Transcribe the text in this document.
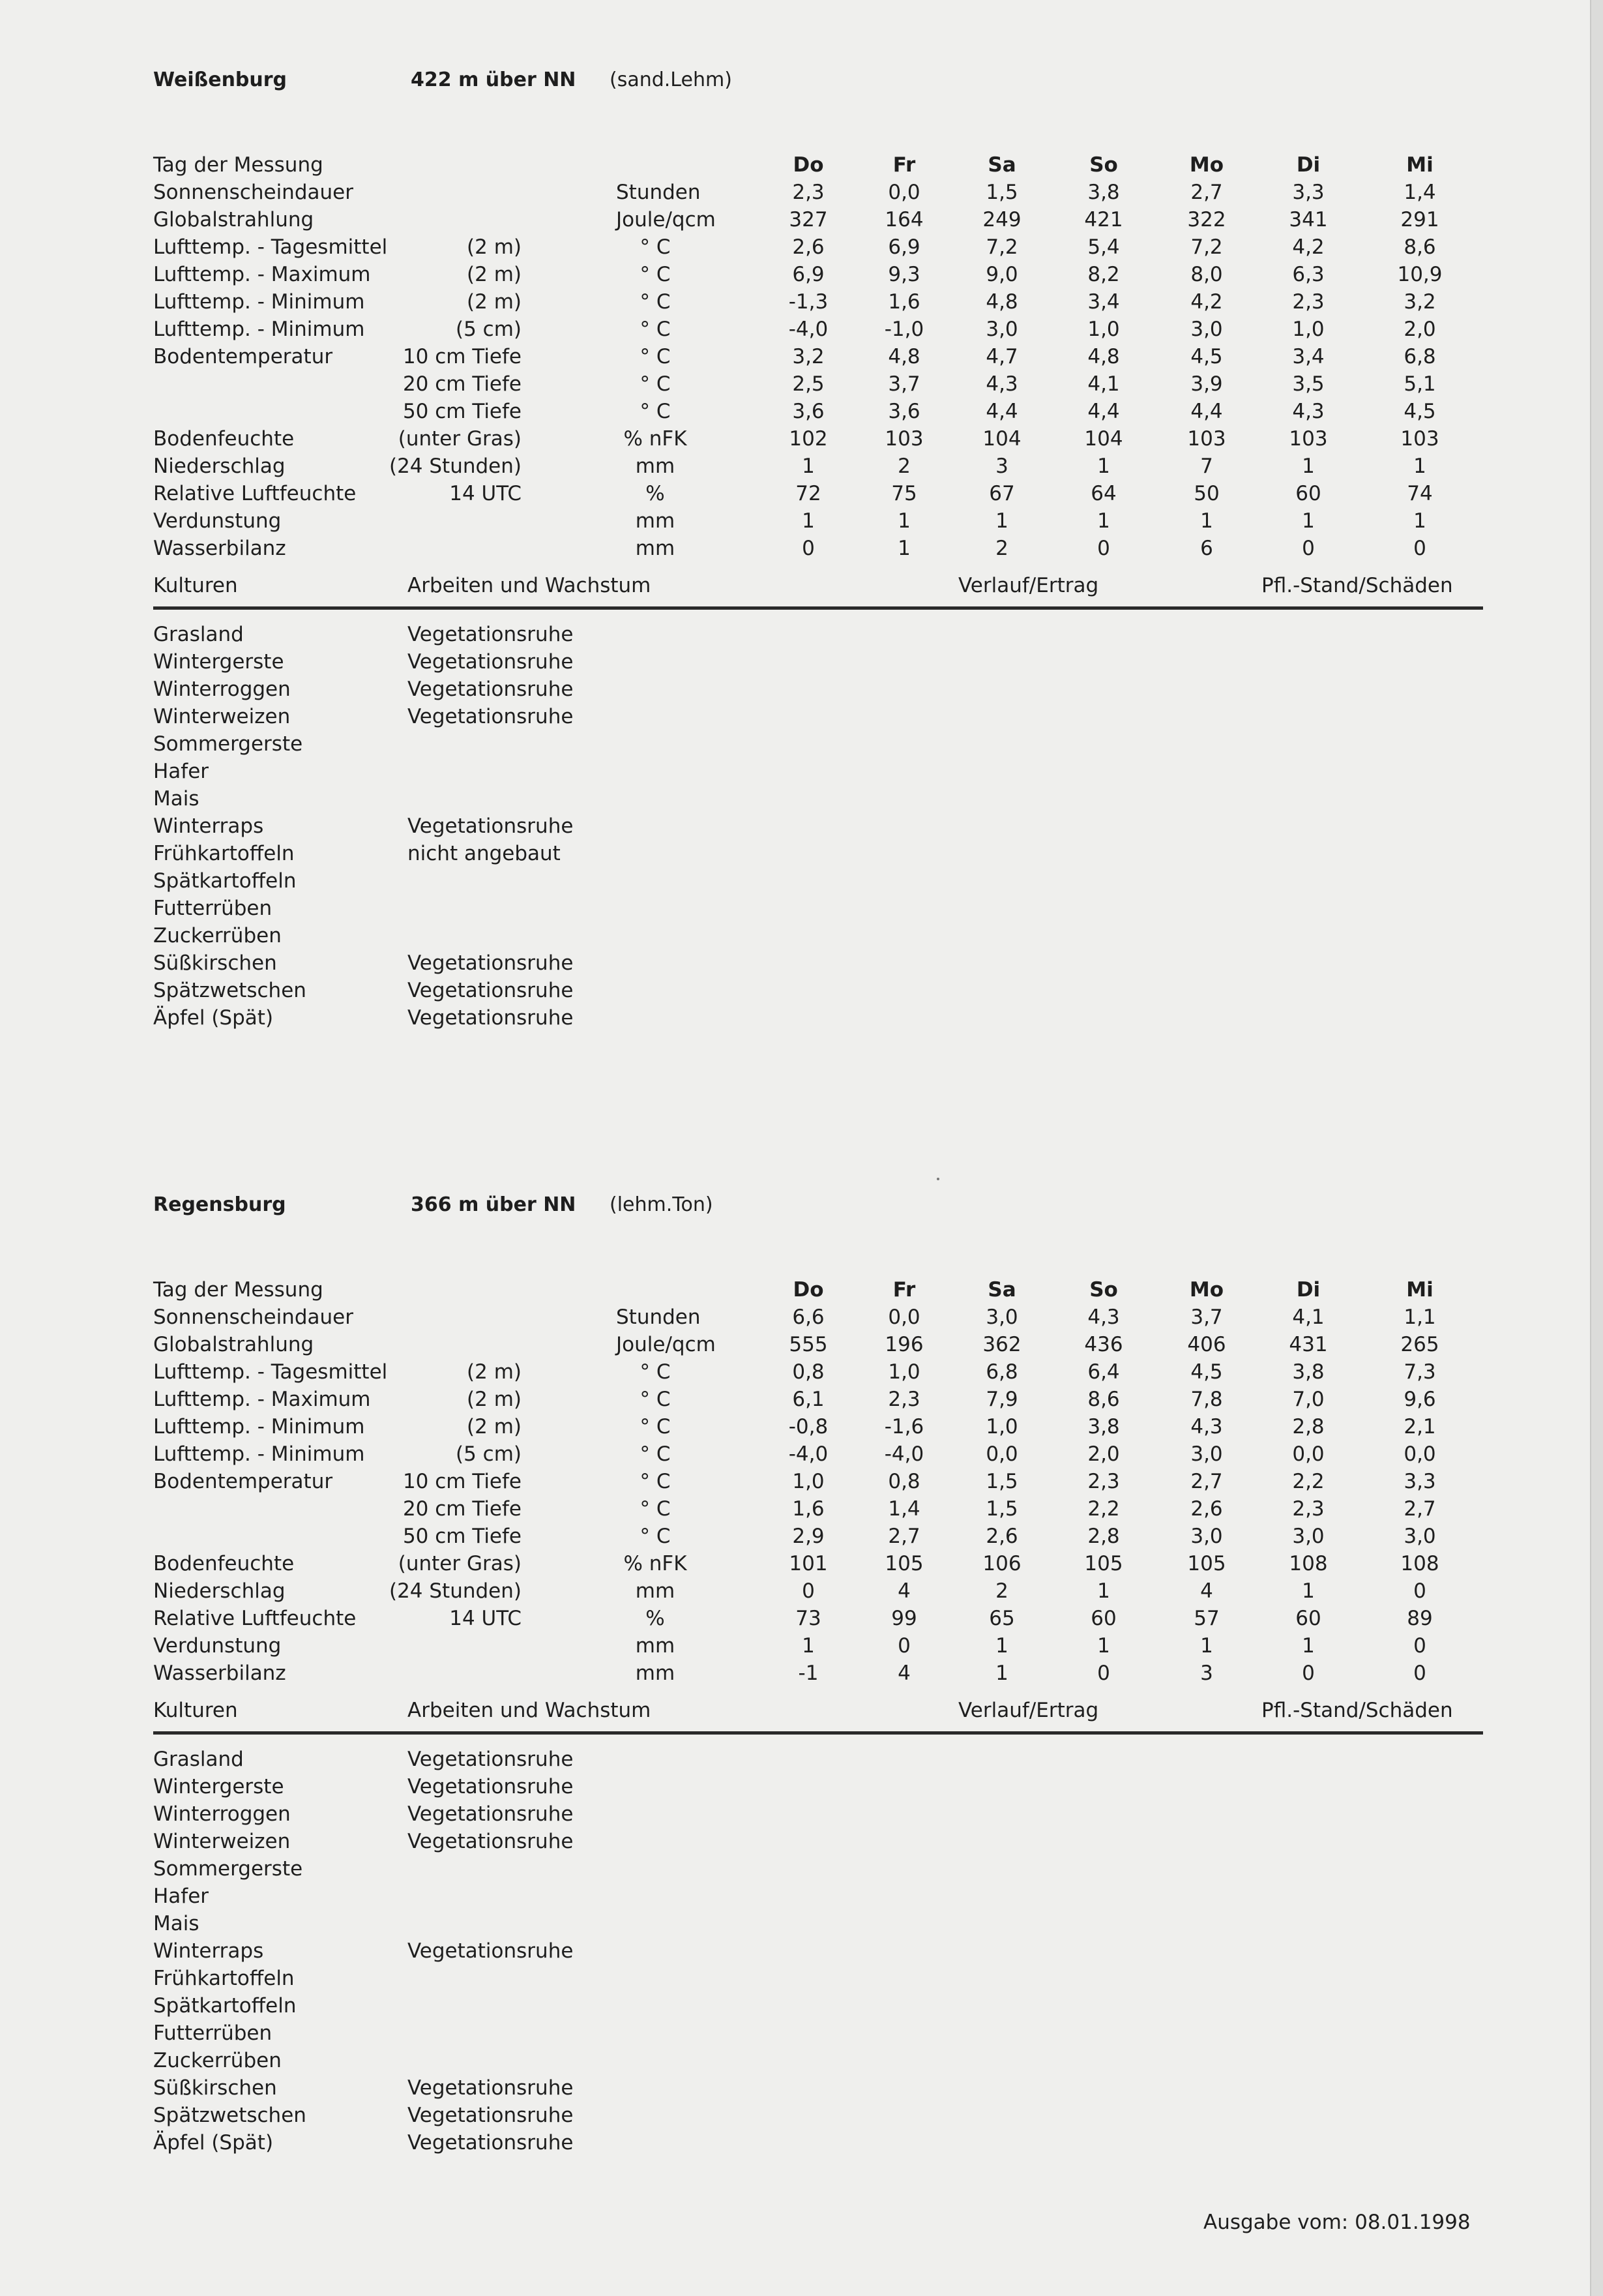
Weißenburg	422 m über NN (sand.Lehm)
Tag der Messung	Do	Fr	Sa	So	Mo	Di	Mi
Sonnenscheindauer	Stunden	2,3	0,0	1,5	3,8	2,7	3,3	1,4
Globalstrahlung	Joule/qcm	327	164	249	421	322	341	291
Lufttemp. - Tagesmittel	(2 m)	° C	2,6	6,9	7,2	5,4	7,2	4,2	8,6
Lufttemp. - Maximum	(2 m)	° C	6,9	9,3	9,0	8,2	8,0	6,3	10,9
Lufttemp. - Minimum	(2 m)	° C	-1,3	1,6	4,8	3,4	4,2	2,3	3,2
Lufttemp. - Minimum	(5 cm)	° C	-4,0	-1,0	3,0	1,0	3,0	1,0	2,0
Bodentemperatur	10 cm Tiefe	° C	3,2	4,8	4,7	4,8	4,5	3,4	6,8
20 cm Tiefe	° C	2,5	3,7	4,3	4,1	3,9	3,5	5,1
50 cm Tiefe	° C	3,6	3,6	4,4	4,4	4,4	4,3	4,5
Bodenfeuchte	(unter Gras)	% nFK	102	103	104	104	103	103	103
Niederschlag	(24 Stunden)	mm	1	2	3	1	7	1	1
Relative Luftfeuchte	14 UTC	%	72	75	67	64	50	60	74
Verdunstung	mm	1	1	1	1	1	1	1
Wasserbilanz	mm	0	1	2	0	6	0	0
Kulturen	Arbeiten und Wachstum	Verlauf/Ertrag	Pfl.-Stand/Schäden
Grasland	Vegetationsruhe
Wintergerste	Vegetationsruhe
Winterroggen	Vegetationsruhe
Winterweizen	Vegetationsruhe
Sommergerste
Hafer
Mais
Winterraps	Vegetationsruhe
Frühkartoffeln	nicht angebaut
Spätkartoffeln
Futterrüben
Zuckerrüben
Süßkirschen	Vegetationsruhe
Spätzwetschen	Vegetationsruhe
Äpfel (Spät)	Vegetationsruhe
Regensburg	366 m über NN (lehm.Ton)
Tag der Messung	Do	Fr	Sa	So	Mo	Di	Mi
Sonnenscheindauer	Stunden	6,6	0,0	3,0	4,3	3,7	4,1	1,1
Globalstrahlung	Joule/qcm	555	196	362	436	406	431	265
Lufttemp. - Tagesmittel	(2 m)	° C	0,8	1,0	6,8	6,4	4,5	3,8	7,3
Lufttemp. - Maximum	(2 m)	° C	6,1	2,3	7,9	8,6	7,8	7,0	9,6
Lufttemp. - Minimum	(2 m)	° C	-0,8	-1,6	1,0	3,8	4,3	2,8	2,1
Lufttemp. - Minimum	(5 cm)	° C	-4,0	-4,0	0,0	2,0	3,0	0,0	0,0
Bodentemperatur	10 cm Tiefe	° C	1,0	0,8	1,5	2,3	2,7	2,2	3,3
20 cm Tiefe	° C	1,6	1,4	1,5	2,2	2,6	2,3	2,7
50 cm Tiefe	° C	2,9	2,7	2,6	2,8	3,0	3,0	3,0
Bodenfeuchte	(unter Gras)	% nFK	101	105	106	105	105	108	108
Niederschlag	(24 Stunden)	mm	0	4	2	1	4	1	0
Relative Luftfeuchte	14 UTC	%	73	99	65	60	57	60	89
Verdunstung	mm	1	0	1	1	1	1	0
Wasserbilanz	mm	-1	4	1	0	3	0	0
Kulturen	Arbeiten und Wachstum	Verlauf/Ertrag	Pfl.-Stand/Schäden
Grasland	Vegetationsruhe
Wintergerste	Vegetationsruhe
Winterroggen	Vegetationsruhe
Winterweizen	Vegetationsruhe
Sommergerste
Hafer
Mais
Winterraps	Vegetationsruhe
Frühkartoffeln
Spätkartoffeln
Futterrüben
Zuckerrüben
Süßkirschen	Vegetationsruhe
Spätzwetschen	Vegetationsruhe
Äpfel (Spät)	Vegetationsruhe
Ausgabe vom: 08.01.1998
